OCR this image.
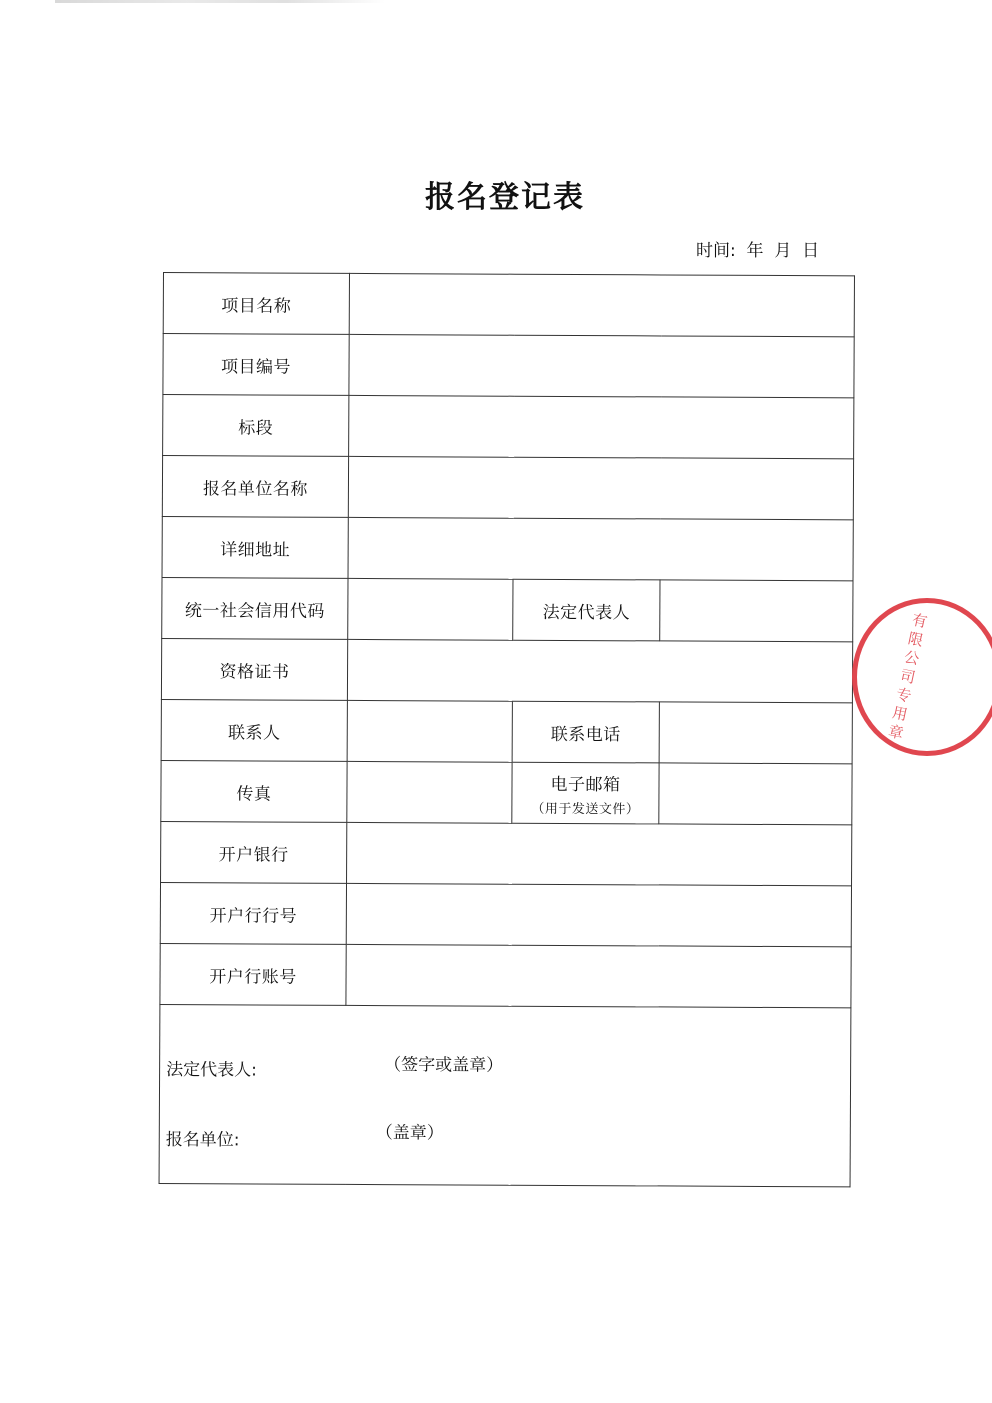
报名登记表
时间:  年  月  日
项目名称			
项目编号			
标段			
报名单位名称			
详细地址			
统一社会信用代码		法定代表人	
资格证书			
联系人		联系电话	
传真		电子邮箱
（用于发送文件）	

开户银行			
开户行行号			
开户行账号			

法定代表人: （签字或盖章）
报名单位: （盖章）			
有限公司专用章
